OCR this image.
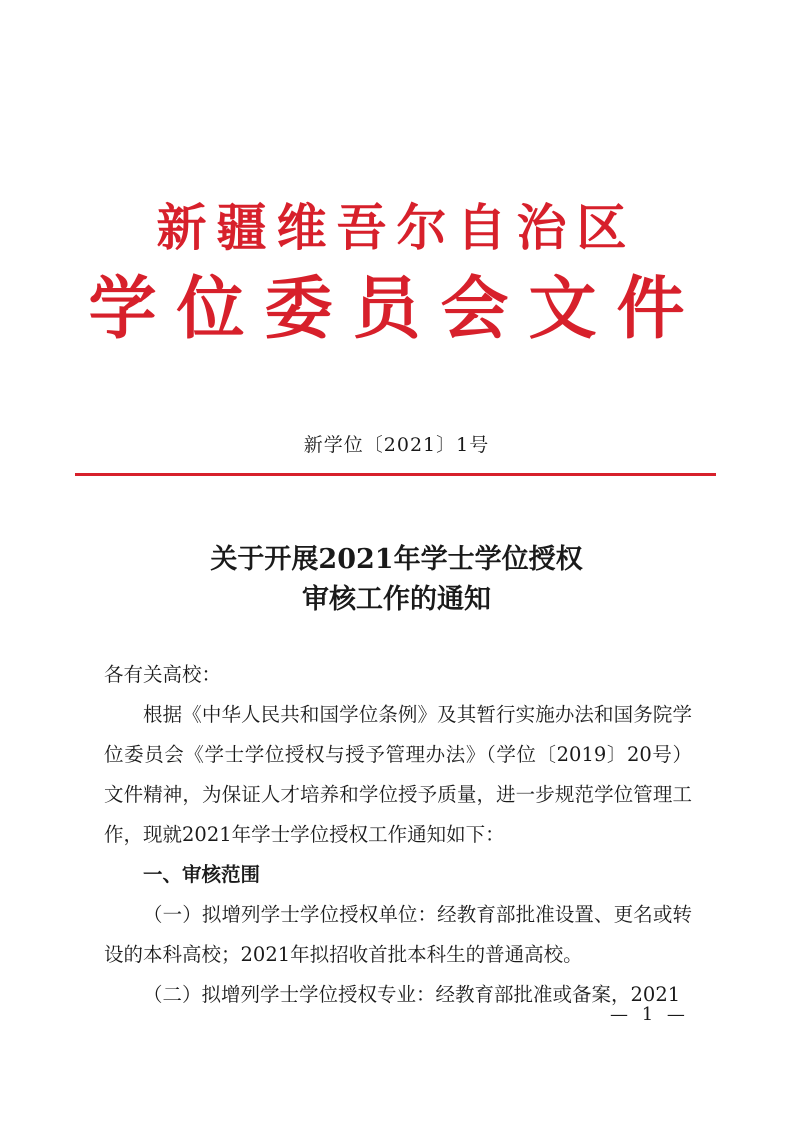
新疆维吾尔自治区
学位委员会文件
新学位〔2021〕1号
关于开展2021年学士学位授权
审核工作的通知

各有关高校：

根据《中华人民共和国学位条例》及其暂行实施办法和国务院学位委员会《学士学位授权与授予管理办法》（学位〔2019〕20号）文件精神，为保证人才培养和学位授予质量，进一步规范学位管理工作，现就2021年学士学位授权工作通知如下：

一、审核范围

（一）拟增列学士学位授权单位：经教育部批准设置、更名或转设的本科高校；2021年拟招收首批本科生的普通高校。

（二）拟增列学士学位授权专业：经教育部批准或备案，2021

— 1 —
